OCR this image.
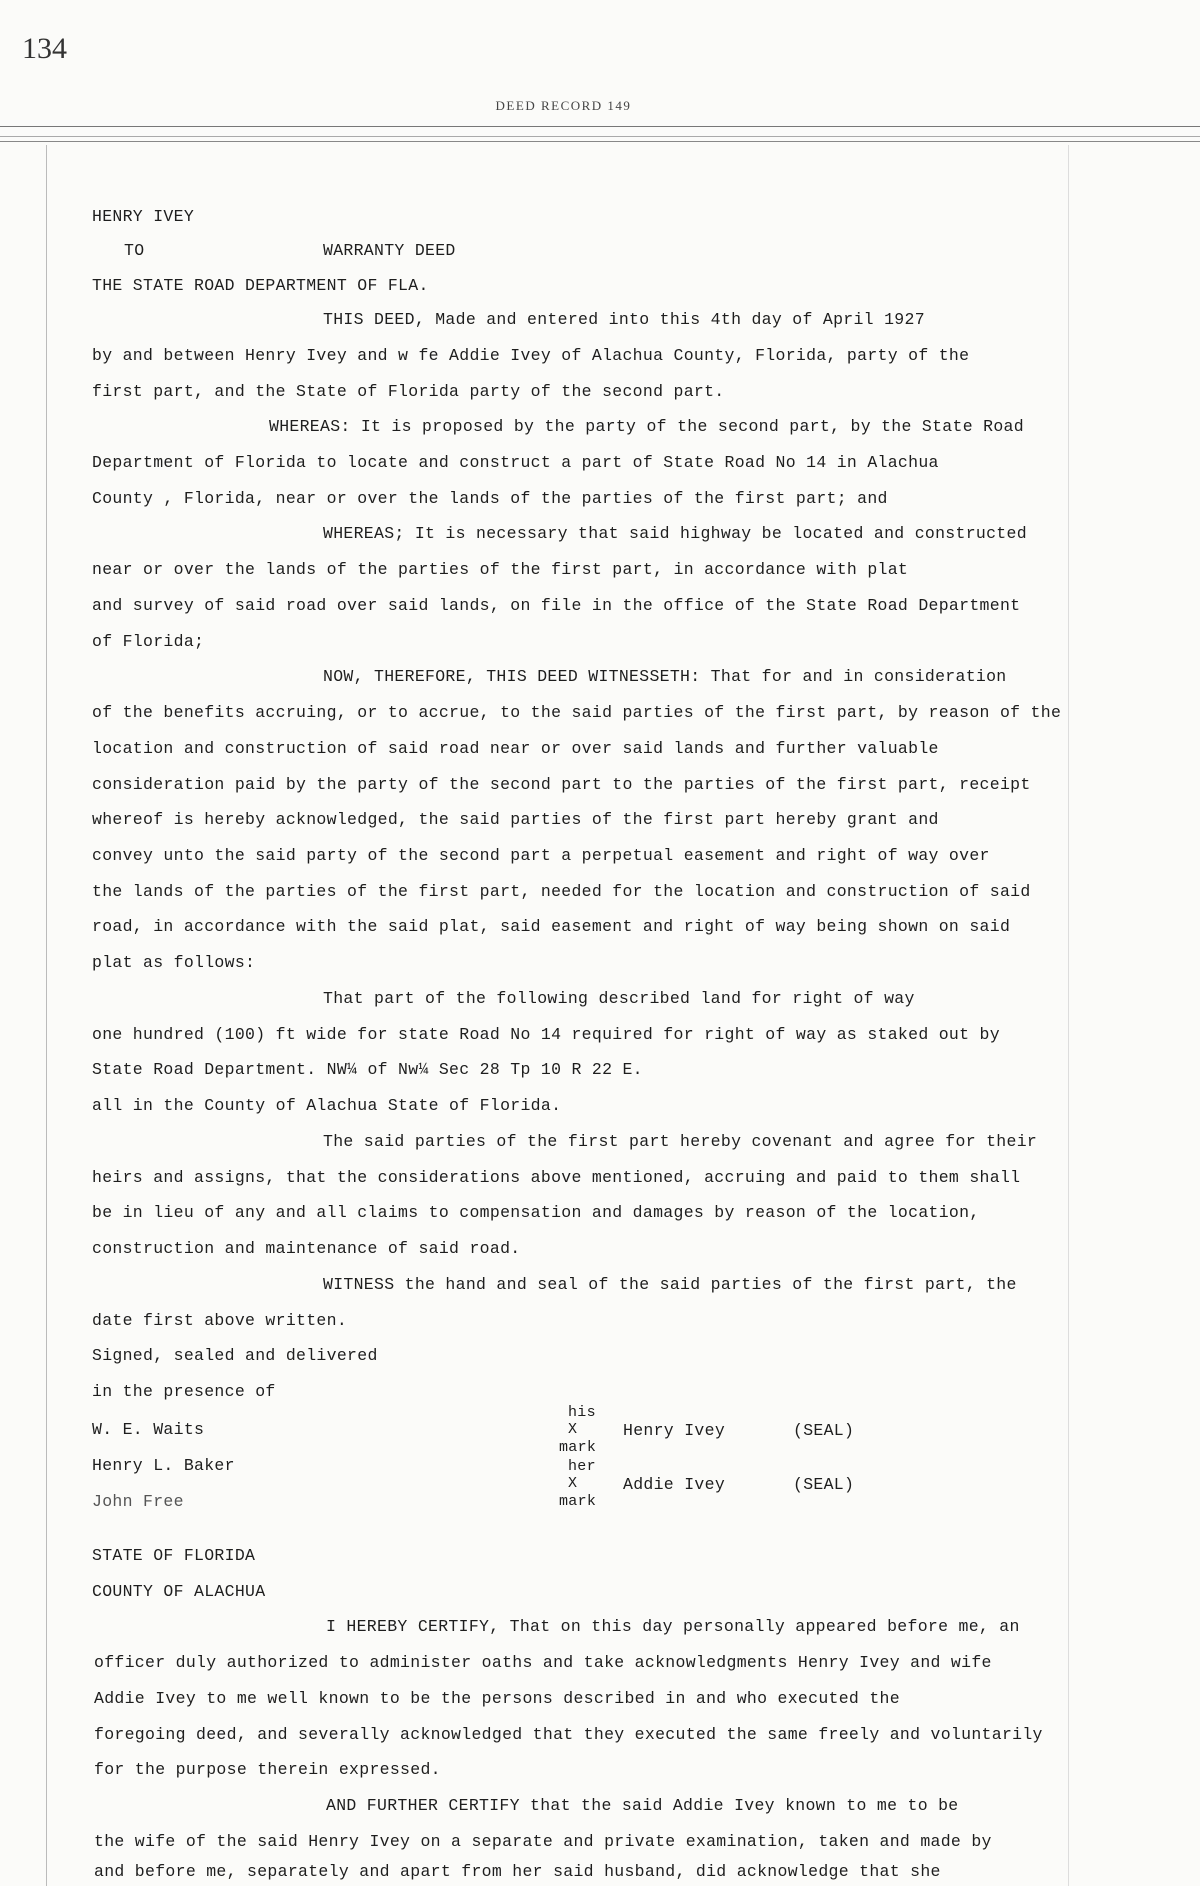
134
DEED RECORD 149
HENRY IVEY
TO	WARRANTY DEED
THE STATE ROAD DEPARTMENT OF FLA.
THIS DEED, Made and entered into this 4th day of April 1927
by and between Henry Ivey and w fe Addie Ivey of Alachua County, Florida, party of the
first part, and the State of Florida party of the second part.
WHEREAS: It is proposed by the party of the second part, by the State Road
Department of Florida to locate and construct a part of State Road No 14 in Alachua
County , Florida, near or over the lands of the parties of the first part; and
WHEREAS; It is necessary that said highway be located and constructed
near or over the lands of the parties of the first part, in accordance with plat
and survey of said road over said lands, on file in the office of the State Road Department
of Florida;
NOW, THEREFORE, THIS DEED WITNESSETH: That for and in consideration
of the benefits accruing, or to accrue, to the said parties of the first part, by reason of the
location and construction of said road near or over said lands and further valuable
consideration paid by the party of the second part to the parties of the first part, receipt
whereof is hereby acknowledged, the said parties of the first part hereby grant and
convey unto the said party of the second part a perpetual easement and right of way over
the lands of the parties of the first part, needed for the location and construction of said
road, in accordance with the said plat, said easement and right of way being shown on said
plat as follows:
That part of the following described land for right of way
one hundred (100) ft wide for state Road No 14 required for right of way as staked out by
State Road Department. NW¼ of Nw¼ Sec 28 Tp 10 R 22 E.
all in the County of Alachua State of Florida.
The said parties of the first part hereby covenant and agree for their
heirs and assigns, that the considerations above mentioned, accruing and paid to them shall
be in lieu of any and all claims to compensation and damages by reason of the location,
construction and maintenance of said road.
WITNESS the hand and seal of the said parties of the first part, the
date first above written.
Signed, sealed and delivered
in the presence of
W. E. Waits
Henry L. Baker
John Free
his
X
mark
Henry Ivey	(SEAL)
her
X
mark
Addie Ivey	(SEAL)
STATE OF FLORIDA
COUNTY OF ALACHUA
I HEREBY CERTIFY, That on this day personally appeared before me, an
officer duly authorized to administer oaths and take acknowledgments Henry Ivey and wife
Addie Ivey to me well known to be the persons described in and who executed the
foregoing deed, and severally acknowledged that they executed the same freely and voluntarily
for the purpose therein expressed.
AND FURTHER CERTIFY that the said Addie Ivey known to me to be
the wife of the said Henry Ivey on a separate and private examination, taken and made by
and before me, separately and apart from her said husband, did acknowledge that she
